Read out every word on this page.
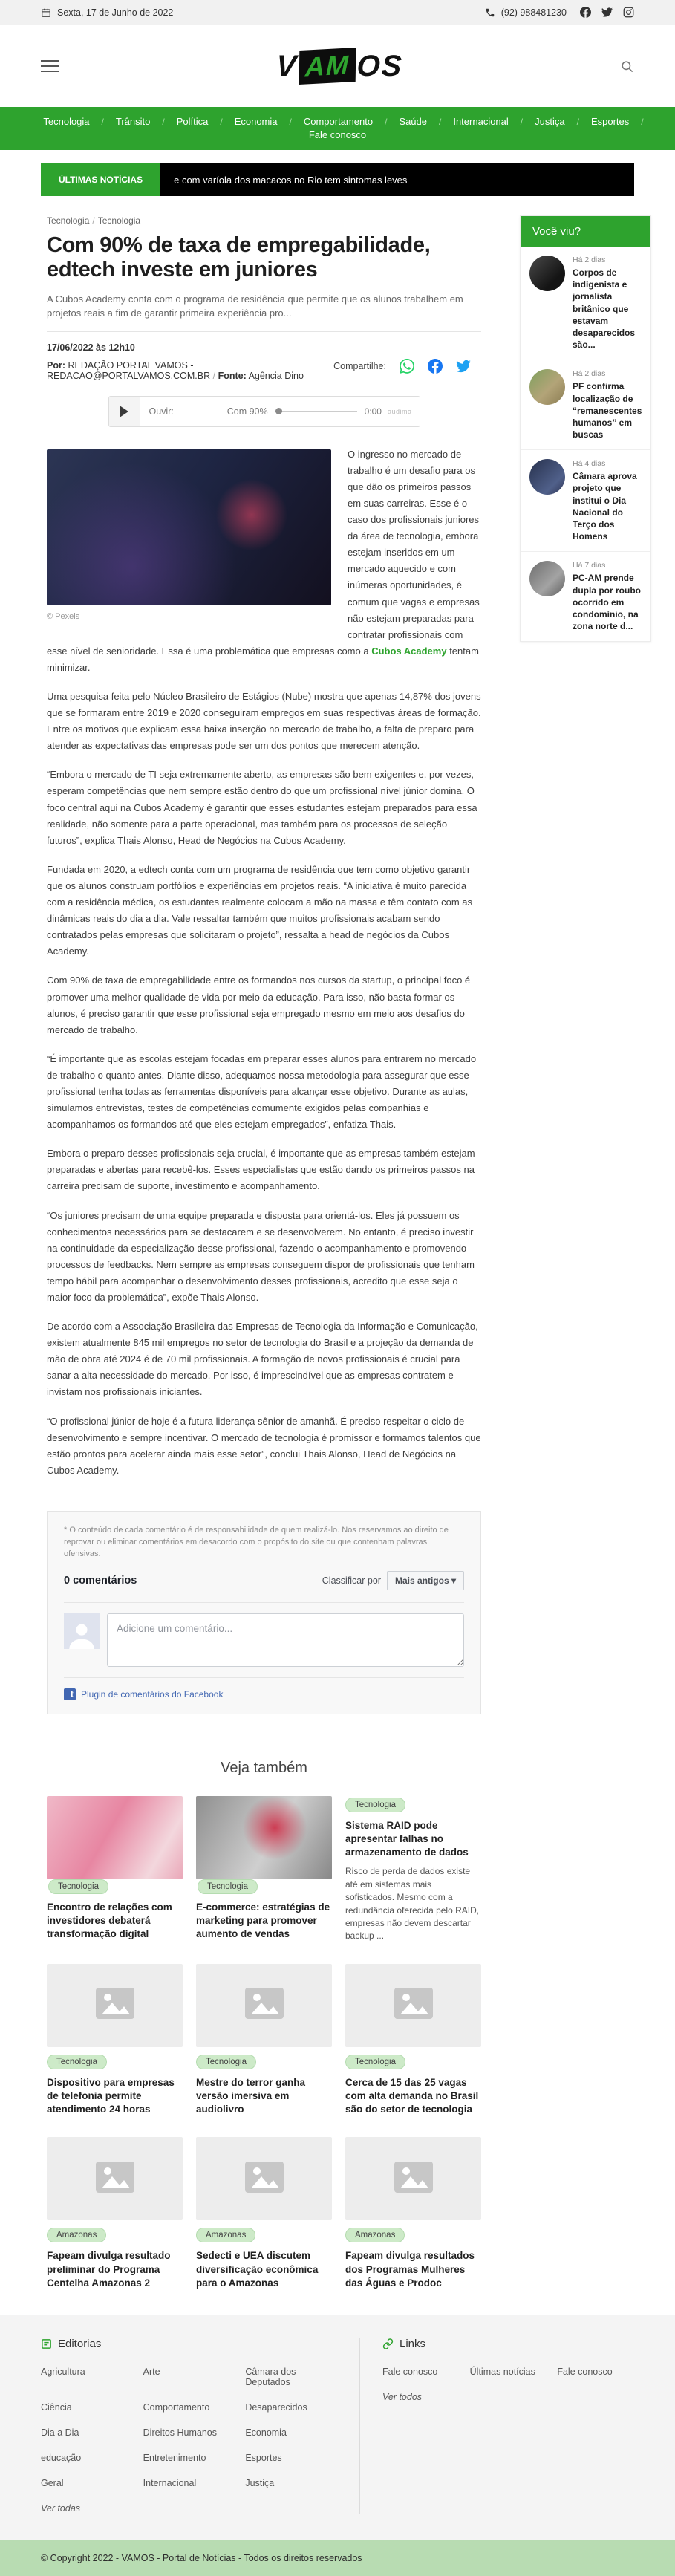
Sexta, 17 de Junho de 2022	(92) 988481230
V AM OS
Tecnologia	/	Trânsito	/	Política	/	Economia	/	Comportamento	/	Saúde	/	Internacional	/	Justiça	/	Esportes	/
Fale conosco
ÚLTIMAS NOTÍCIAS	e com varíola dos macacos no Rio tem sintomas leves
Tecnologia / Tecnologia
Com 90% de taxa de empregabilidade, edtech investe em juniores

A Cubos Academy conta com o programa de residência que permite que os alunos trabalhem em projetos reais a fim de garantir primeira experiência pro...

17/06/2022 às 12h10
Por: REDAÇÃO PORTAL VAMOS - REDACAO@PORTALVAMOS.COM.BR / Fonte: Agência Dino
Compartilhe:
Ouvir:	Com 90%	0:00 audima
© Pexels

O ingresso no mercado de trabalho é um desafio para os que dão os primeiros passos em suas carreiras. Esse é o caso dos profissionais juniores da área de tecnologia, embora estejam inseridos em um mercado aquecido e com inúmeras oportunidades, é comum que vagas e empresas não estejam preparadas para contratar profissionais com esse nível de senioridade. Essa é uma problemática que empresas como a Cubos Academy tentam minimizar.

Uma pesquisa feita pelo Núcleo Brasileiro de Estágios (Nube) mostra que apenas 14,87% dos jovens que se formaram entre 2019 e 2020 conseguiram empregos em suas respectivas áreas de formação. Entre os motivos que explicam essa baixa inserção no mercado de trabalho, a falta de preparo para atender as expectativas das empresas pode ser um dos pontos que merecem atenção.

“Embora o mercado de TI seja extremamente aberto, as empresas são bem exigentes e, por vezes, esperam competências que nem sempre estão dentro do que um profissional nível júnior domina. O foco central aqui na Cubos Academy é garantir que esses estudantes estejam preparados para essa realidade, não somente para a parte operacional, mas também para os processos de seleção futuros”, explica Thais Alonso, Head de Negócios na Cubos Academy.

Fundada em 2020, a edtech conta com um programa de residência que tem como objetivo garantir que os alunos construam portfólios e experiências em projetos reais. “A iniciativa é muito parecida com a residência médica, os estudantes realmente colocam a mão na massa e têm contato com as dinâmicas reais do dia a dia. Vale ressaltar também que muitos profissionais acabam sendo contratados pelas empresas que solicitaram o projeto”, ressalta a head de negócios da Cubos Academy.

Com 90% de taxa de empregabilidade entre os formandos nos cursos da startup, o principal foco é promover uma melhor qualidade de vida por meio da educação. Para isso, não basta formar os alunos, é preciso garantir que esse profissional seja empregado mesmo em meio aos desafios do mercado de trabalho.

“É importante que as escolas estejam focadas em preparar esses alunos para entrarem no mercado de trabalho o quanto antes. Diante disso, adequamos nossa metodologia para assegurar que esse profissional tenha todas as ferramentas disponíveis para alcançar esse objetivo. Durante as aulas, simulamos entrevistas, testes de competências comumente exigidos pelas companhias e acompanhamos os formandos até que eles estejam empregados”, enfatiza Thais.

Embora o preparo desses profissionais seja crucial, é importante que as empresas também estejam preparadas e abertas para recebê-los. Esses especialistas que estão dando os primeiros passos na carreira precisam de suporte, investimento e acompanhamento.

“Os juniores precisam de uma equipe preparada e disposta para orientá-los. Eles já possuem os conhecimentos necessários para se destacarem e se desenvolverem. No entanto, é preciso investir na continuidade da especialização desse profissional, fazendo o acompanhamento e promovendo processos de feedbacks. Nem sempre as empresas conseguem dispor de profissionais que tenham tempo hábil para acompanhar o desenvolvimento desses profissionais, acredito que esse seja o maior foco da problemática”, expõe Thais Alonso.

De acordo com a Associação Brasileira das Empresas de Tecnologia da Informação e Comunicação, existem atualmente 845 mil empregos no setor de tecnologia do Brasil e a projeção da demanda de mão de obra até 2024 é de 70 mil profissionais. A formação de novos profissionais é crucial para sanar a alta necessidade do mercado. Por isso, é imprescindível que as empresas contratem e invistam nos profissionais iniciantes.

“O profissional júnior de hoje é a futura liderança sênior de amanhã. É preciso respeitar o ciclo de desenvolvimento e sempre incentivar. O mercado de tecnologia é promissor e formamos talentos que estão prontos para acelerar ainda mais esse setor”, conclui Thais Alonso, Head de Negócios na Cubos Academy.

* O conteúdo de cada comentário é de responsabilidade de quem realizá-lo. Nos reservamos ao direito de reprovar ou eliminar comentários em desacordo com o propósito do site ou que contenham palavras ofensivas.

0 comentários	Classificar por	Mais antigos ▾
Adicione um comentário...
f Plugin de comentários do Facebook
Veja também
Tecnologia
Encontro de relações com investidores debaterá transformação digital
Tecnologia
E-commerce: estratégias de marketing para promover aumento de vendas
Tecnologia
Sistema RAID pode apresentar falhas no armazenamento de dados

Risco de perda de dados existe até em sistemas mais sofisticados. Mesmo com a redundância oferecida pelo RAID, empresas não devem descartar backup ...

Tecnologia
Dispositivo para empresas de telefonia permite atendimento 24 horas
Tecnologia
Mestre do terror ganha versão imersiva em audiolivro
Tecnologia
Cerca de 15 das 25 vagas com alta demanda no Brasil são do setor de tecnologia
Amazonas
Fapeam divulga resultado preliminar do Programa Centelha Amazonas 2
Amazonas
Sedecti e UEA discutem diversificação econômica para o Amazonas
Amazonas
Fapeam divulga resultados dos Programas Mulheres das Águas e Prodoc
Você viu?
Há 2 dias
Corpos de indigenista e jornalista britânico que estavam desaparecidos são...
Há 2 dias
PF confirma localização de “remanescentes humanos” em buscas
Há 4 dias
Câmara aprova projeto que institui o Dia Nacional do Terço dos Homens
Há 7 dias
PC-AM prende dupla por roubo ocorrido em condomínio, na zona norte d...
Editorias
Agricultura	Arte	Câmara dos Deputados
Ciência	Comportamento	Desaparecidos
Dia a Dia	Direitos Humanos	Economia
educação	Entretenimento	Esportes
Geral	Internacional	Justiça
Ver todas
Links
Fale conosco	Últimas notícias	Fale conosco
Ver todos
© Copyright 2022 - VAMOS - Portal de Notícias - Todos os direitos reservados
